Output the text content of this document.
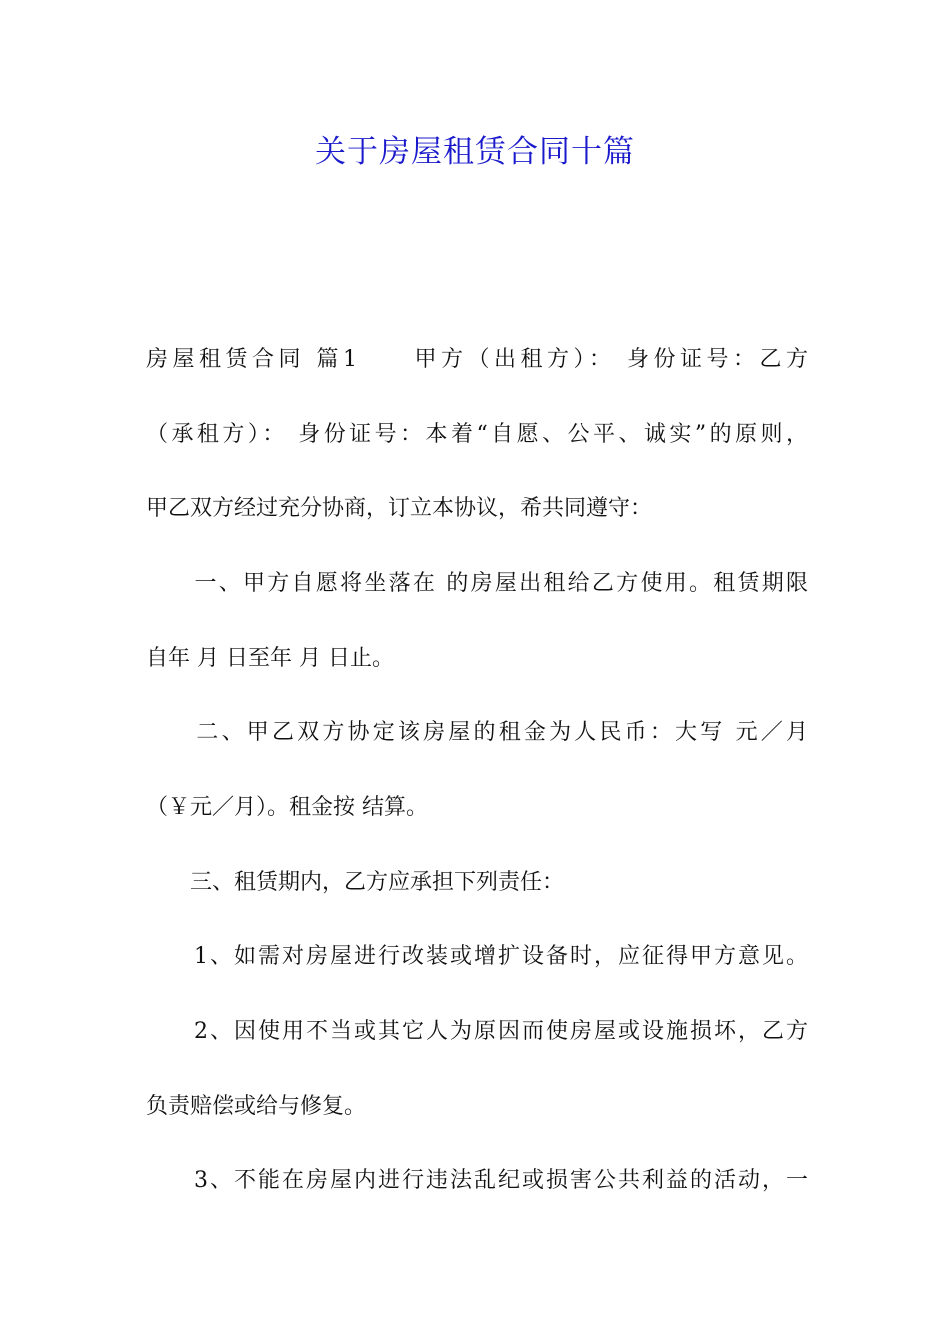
关于房屋租赁合同十篇
房屋租赁合同 篇1　　甲方（出租方）： 身份证号：乙方
（承租方）： 身份证号：本着“自愿、公平、诚实”的原则，
甲乙双方经过充分协商，订立本协议，希共同遵守：
　　一、甲方自愿将坐落在 的房屋出租给乙方使用。租赁期限
自年 月 日至年 月 日止。
　　二、甲乙双方协定该房屋的租金为人民币：大写 元／月
（￥元／月）。租金按 结算。
　　三、租赁期内，乙方应承担下列责任：
　　1、如需对房屋进行改装或增扩设备时，应征得甲方意见。
　　2、因使用不当或其它人为原因而使房屋或设施损坏，乙方
负责赔偿或给与修复。
　　3、不能在房屋内进行违法乱纪或损害公共利益的活动，一
